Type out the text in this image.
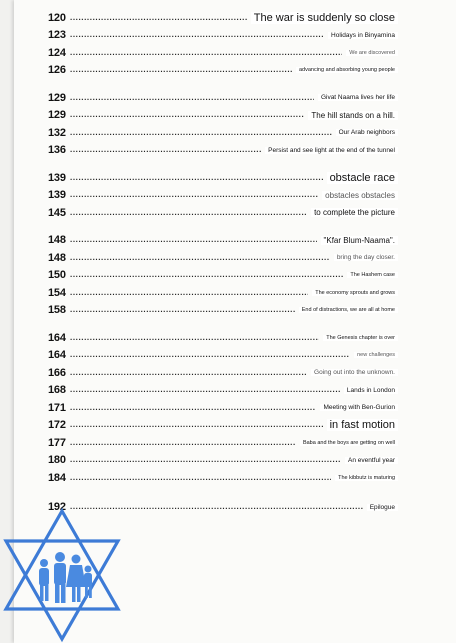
120 .....	The war is suddenly so close
123 .....	Holidays in Binyamina
124 .....	We are discovered
126 .....	advancing and absorbing young people
129 .....	Givat Naama lives her life
129 .....	The hill stands on a hill.
132 .....	Our Arab neighbors
136 .....	Persist and see light at the end of the tunnel
139 .....	obstacle race
139 .....	obstacles obstacles
145 .....	to complete the picture
148 .....	"Kfar Blum-Naama".
148 .....	bring the day closer.
150 .....	The Hashem case
154 .....	The economy sprouts and grows
158 .....	End of distractions, we are all at home
164 .....	The Genesis chapter is over
164 .....	new challenges
166 .....	Going out into the unknown.
168 .....	Lands in London
171 .....	Meeting with Ben-Gurion
172 .....	in fast motion
177 .....	Baba and the boys are getting on well
180 .....	An eventful year
184 .....	The kibbutz is maturing
192 .....	Epilogue
